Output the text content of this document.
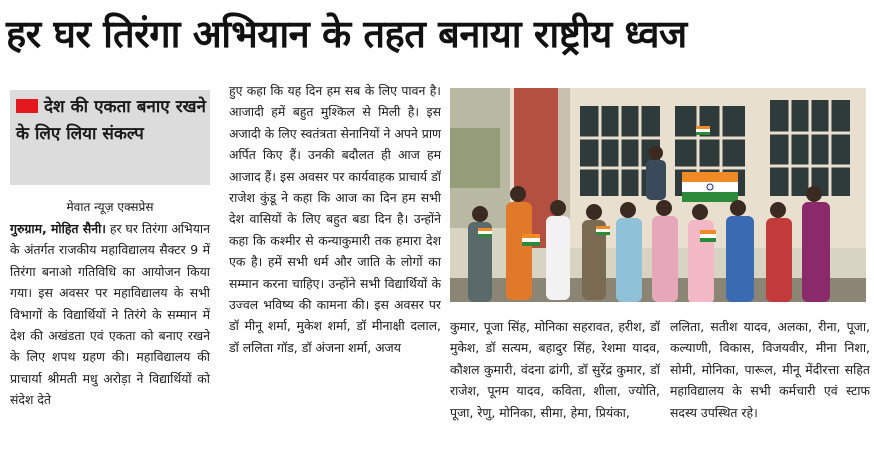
हर घर तिरंगा अभियान के तहत बनाया राष्ट्रीय ध्वज
देश की एकता बनाए रखने के लिए लिया संकल्प
मेवात न्यूज़ एक्सप्रेस
गुरुग्राम, मोहित सैनी। हर घर तिरंगा अभियान के अंतर्गत राजकीय महाविद्यालय सैक्टर 9 में तिरंगा बनाओ गतिविधि का आयोजन किया गया। इस अवसर पर महाविद्यालय के सभी विभागों के विद्यार्थियों ने तिरंगे के सम्मान में देश की अखंडता एवं एकता को बनाए रखने के लिए शपथ ग्रहण की। महाविद्यालय की प्राचार्या श्रीमती मधु अरोड़ा ने विद्यार्थियों को संदेश देते
हुए कहा कि यह दिन हम सब के लिए पावन है। आजादी हमें बहुत मुश्किल से मिली है। इस अजादी के लिए स्वतंत्रता सेनानियों ने अपने प्राण अर्पित किए हैं। उनकी बदौलत ही आज हम आजाद हैं। इस अवसर पर कार्यवाहक प्राचार्य डॉ राजेश कुंडू ने कहा कि आज का दिन हम सभी देश वासियों के लिए बहुत बडा दिन है। उन्होंने कहा कि कश्मीर से कन्याकुमारी तक हमारा देश एक है। हमें सभी धर्म और जाति के लोगों का सम्मान करना चाहिए। उन्होंने सभी विद्यार्थियों के उज्वल भविष्य की कामना की। इस अवसर पर डॉ मीनू शर्मा, मुकेश शर्मा, डॉ मीनाक्षी दलाल, डॉ ललिता गॉड, डॉ अंजना शर्मा, अजय
कुमार, पूजा सिंह, मोनिका सहरावत, हरीश, डॉ मुकेश, डॉ सत्यम, बहादुर सिंह, रेशमा यादव, कौशल कुमारी, वंदना ढांगी, डॉ सुरेंद्र कुमार, डॉ राजेश, पूनम यादव, कविता, शीला, ज्योति, पूजा, रेणु, मोनिका, सीमा, हेमा, प्रियंका,
ललिता, सतीश यादव, अलका, रीना, पूजा, कल्याणी, विकास, विजयवीर, मीना निशा, सोमी, मोनिका, पारूल, मीनू मेंदीरत्ता सहित महाविद्यालय के सभी कर्मचारी एवं स्टाफ सदस्य उपस्थित रहे।
